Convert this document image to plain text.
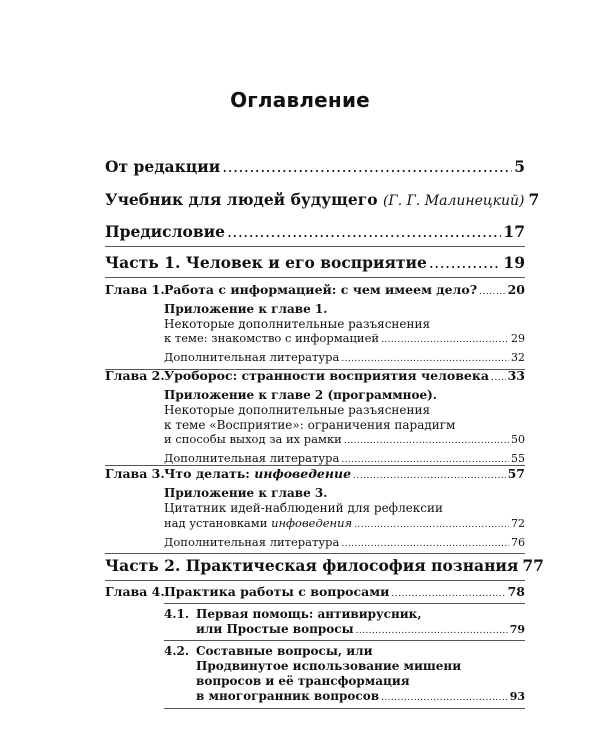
Оглавление
От редакции .....	5
Учебник для людей будущего (Г. Г. Малинецкий) 7
Предисловие .....	17
Часть 1. Человек и его восприятие .....	19
Глава 1. Работа с информацией: с чем имеем дело? ..... 20
Приложение к главе 1.
Некоторые дополнительные разъяснения
к теме: знакомство с информацией .....	29
Дополнительная литература .....	32
Глава 2. Уроборос: странности восприятия человека ..... 33
Приложение к главе 2 (программное).
Некоторые дополнительные разъяснения
к теме «Восприятие»: ограничения парадигм
и способы выход за их рамки .....	50
Дополнительная литература .....	55
Глава 3. Что делать: инфоведение .....	57
Приложение к главе 3.
Цитатник идей-наблюдений для рефлексии
над установками инфоведения .....	72
Дополнительная литература .....	76
Часть 2. Практическая философия познания 77
Глава 4. Практика работы с вопросами .....	78
4.1. Первая помощь: антивирусник,
или Простые вопросы .....	79
4.2. Составные вопросы, или
Продвинутое использование мишени
вопросов и её трансформация
в многогранник вопросов .....	93
